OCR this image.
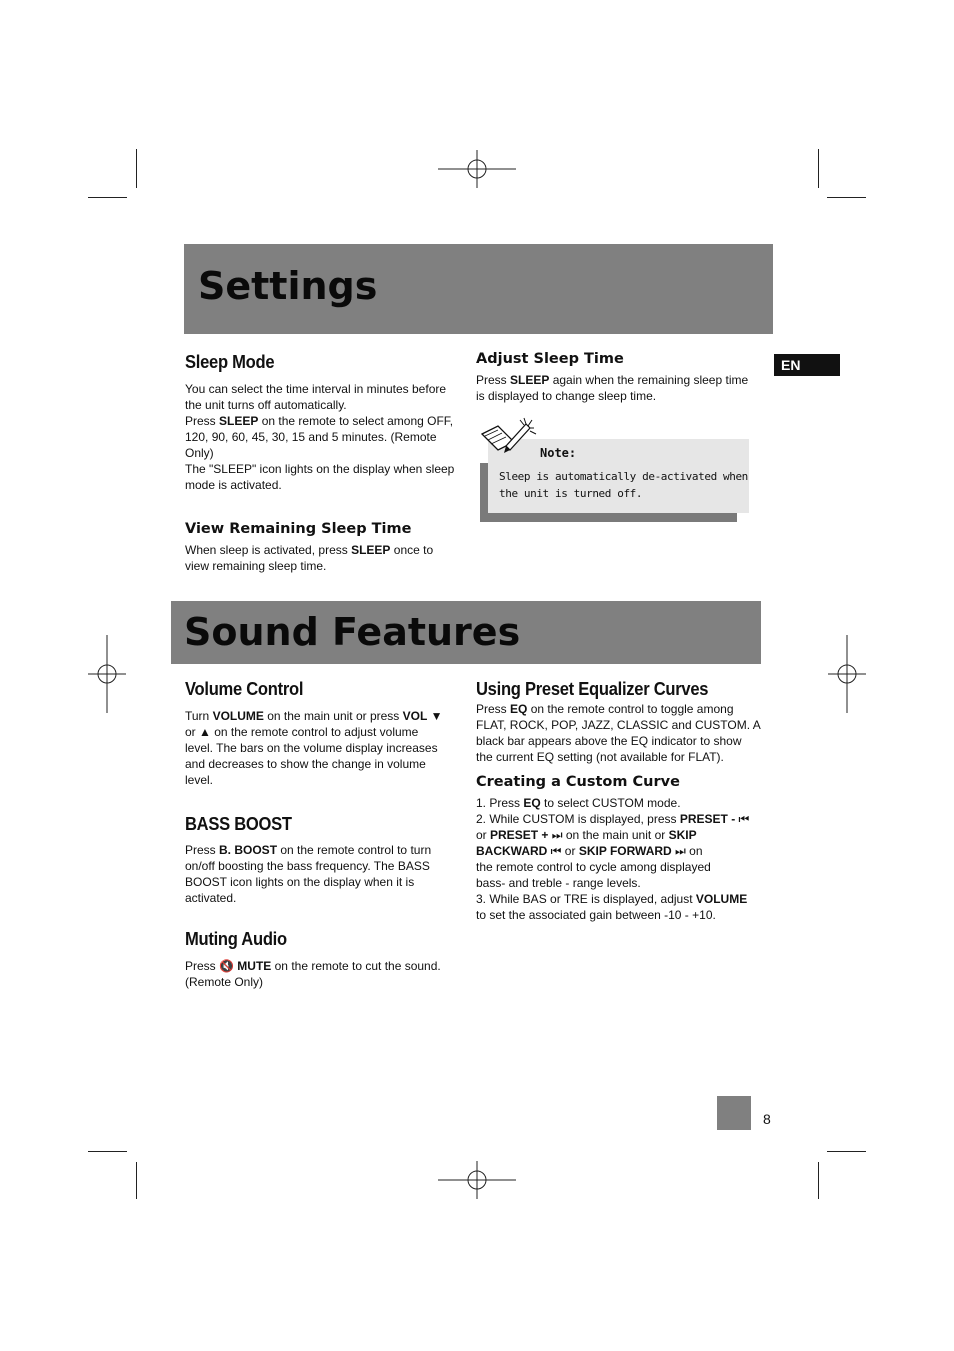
Settings
EN
Sleep Mode
You can select the time interval in minutes before
the unit turns off automatically.
Press SLEEP on the remote to select among OFF,
120, 90, 60, 45, 30, 15 and 5 minutes. (Remote
Only)
The "SLEEP" icon lights on the display when sleep
mode is activated.
View Remaining Sleep Time
When sleep is activated, press SLEEP once to
view remaining sleep time.
Adjust Sleep Time
Press SLEEP again when the remaining sleep time
is displayed to change sleep time.
Note:
Sleep is automatically de-activated when
the unit is turned off.
Sound Features
Volume Control
Turn VOLUME on the main unit or press VOL ▼
or ▲ on the remote control to adjust volume
level. The bars on the volume display increases
and decreases to show the change in volume
level.
BASS BOOST
Press B. BOOST on the remote control to turn
on/off boosting the bass frequency. The BASS
BOOST icon lights on the display when it is
activated.
Muting Audio
Press 🔇 MUTE on the remote to cut the sound.
(Remote Only)
Using Preset Equalizer Curves
Press EQ on the remote control to toggle among
FLAT, ROCK, POP, JAZZ, CLASSIC and CUSTOM. A
black bar appears above the EQ indicator to show
the current EQ setting (not available for FLAT).
Creating a Custom Curve
1. Press EQ to select CUSTOM mode.
2. While CUSTOM is displayed, press PRESET - ⏮
or PRESET + ⏭ on the main unit or SKIP
BACKWARD ⏮ or SKIP FORWARD ⏭ on
the remote control to cycle among displayed
bass- and treble - range levels.
3. While BAS or TRE is displayed, adjust VOLUME
to set the associated gain between -10 - +10.
8
